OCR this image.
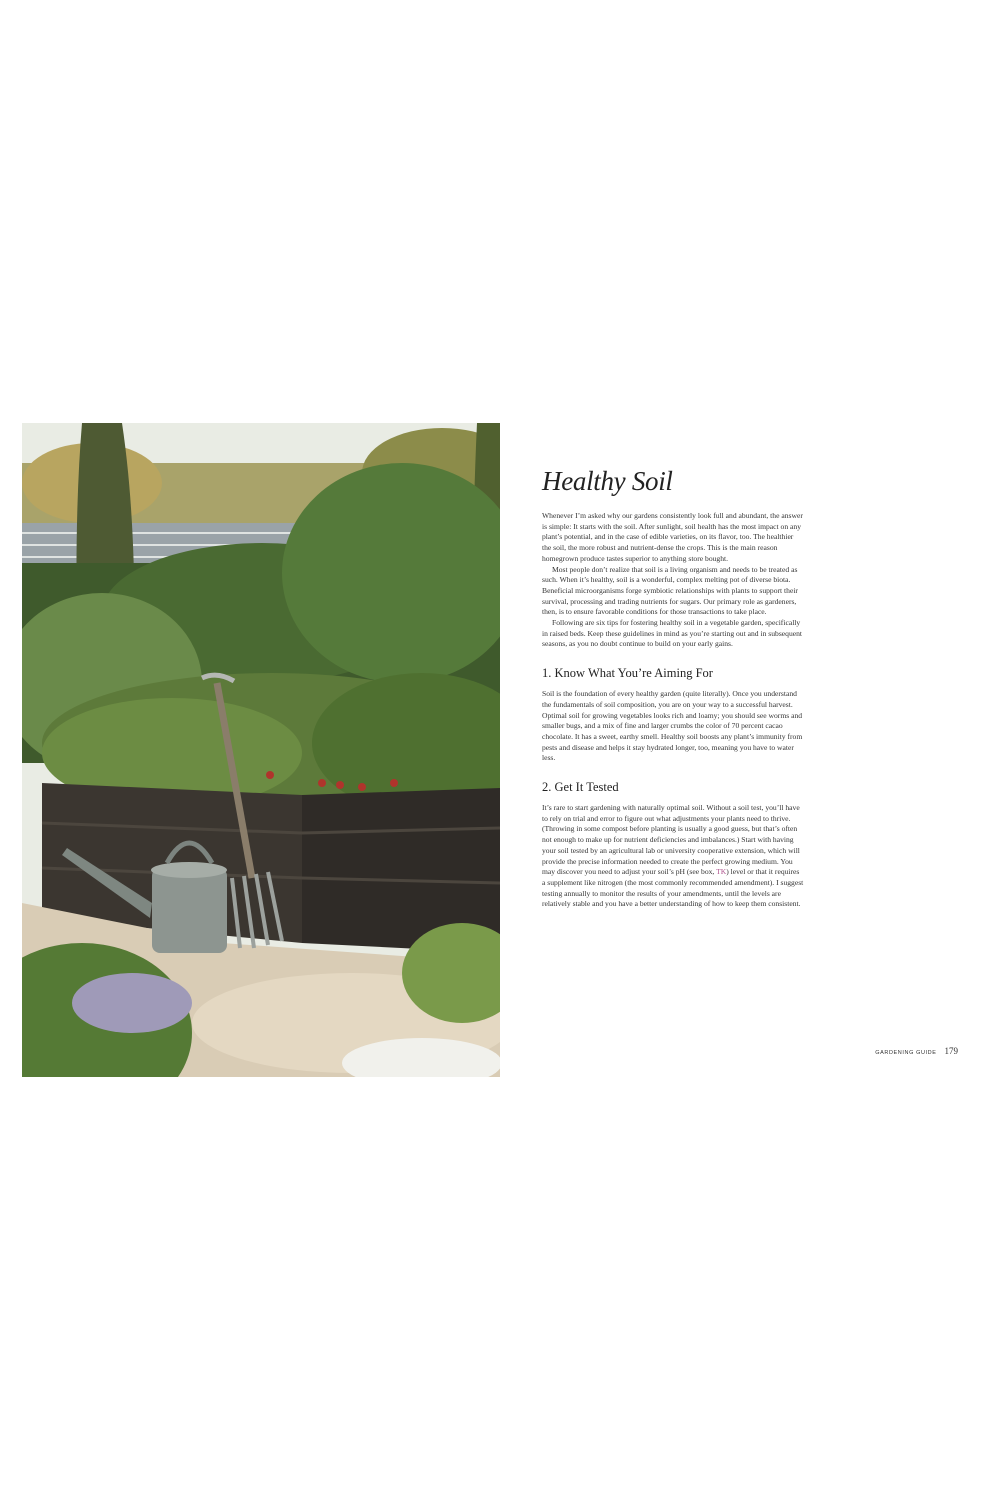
Healthy Soil

Whenever I’m asked why our gardens consistently look full and abundant, the answer is simple: It starts with the soil. After sunlight, soil health has the most impact on any plant’s potential, and in the case of edible varieties, on its flavor, too. The healthier the soil, the more robust and nutrient-dense the crops. This is the main reason homegrown produce tastes superior to anything store bought.

Most people don’t realize that soil is a living organism and needs to be treated as such. When it’s healthy, soil is a wonderful, complex melting pot of diverse biota. Beneficial microorganisms forge symbiotic relationships with plants to support their survival, processing and trading nutrients for sugars. Our primary role as gardeners, then, is to ensure favorable conditions for those transactions to take place.

Following are six tips for fostering healthy soil in a vegetable garden, specifically in raised beds. Keep these guidelines in mind as you’re starting out and in subsequent seasons, as you no doubt continue to build on your early gains.

1. Know What You’re Aiming For

Soil is the foundation of every healthy garden (quite literally). Once you understand the fundamentals of soil composition, you are on your way to a successful harvest. Optimal soil for growing vegetables looks rich and loamy; you should see worms and smaller bugs, and a mix of fine and larger crumbs the color of 70 percent cacao chocolate. It has a sweet, earthy smell. Healthy soil boosts any plant’s immunity from pests and disease and helps it stay hydrated longer, too, meaning you have to water less.

2. Get It Tested

It’s rare to start gardening with naturally optimal soil. Without a soil test, you’ll have to rely on trial and error to figure out what adjustments your plants need to thrive. (Throwing in some compost before planting is usually a good guess, but that’s often not enough to make up for nutrient deficiencies and imbalances.) Start with having your soil tested by an agricultural lab or university cooperative extension, which will provide the precise information needed to create the perfect growing medium. You may discover you need to adjust your soil’s pH (see box, TK) level or that it requires a supplement like nitrogen (the most commonly recommended amendment). I suggest testing annually to monitor the results of your amendments, until the levels are relatively stable and you have a better understanding of how to keep them consistent.

GARDENING GUIDE 179
